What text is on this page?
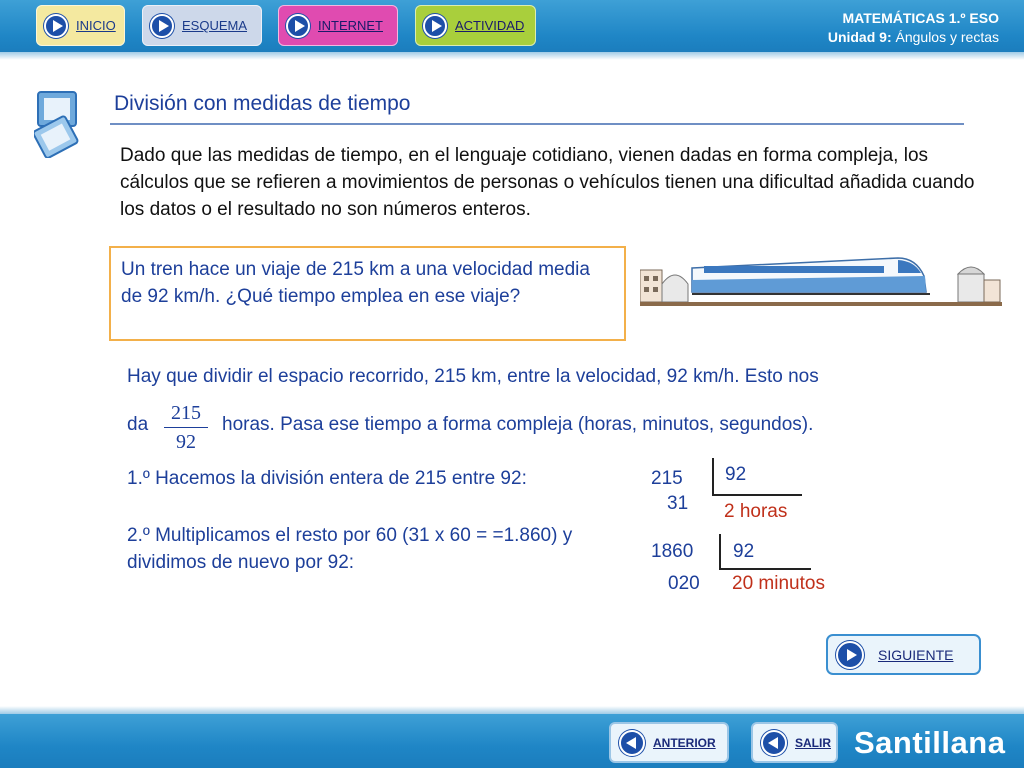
INICIO	ESQUEMA	INTERNET	ACTIVIDAD	MATEMÁTICAS 1.º ESO
Unidad 9: Ángulos y rectas
División con medidas de tiempo
Dado que las medidas de tiempo, en el lenguaje cotidiano, vienen dadas en forma compleja, los cálculos que se refieren a movimientos de personas o vehículos tienen una dificultad añadida cuando los datos o el resultado no son números enteros.
Un tren hace un viaje de 215 km a una velocidad media de 92 km/h. ¿Qué tiempo emplea en ese viaje?
Hay que dividir el espacio recorrido, 215 km, entre la velocidad, 92 km/h. Esto nos
da
215
92
horas. Pasa ese tiempo a forma compleja (horas, minutos, segundos).
1.º Hacemos la división entera de 215 entre 92:
2.º Multiplicamos el resto por 60 (31 x 60 = =1.860) y dividimos de nuevo por 92:
215 92
31 2 horas
1860 92
020 20 minutos
SIGUIENTE
ANTERIOR	SALIR Santillana
